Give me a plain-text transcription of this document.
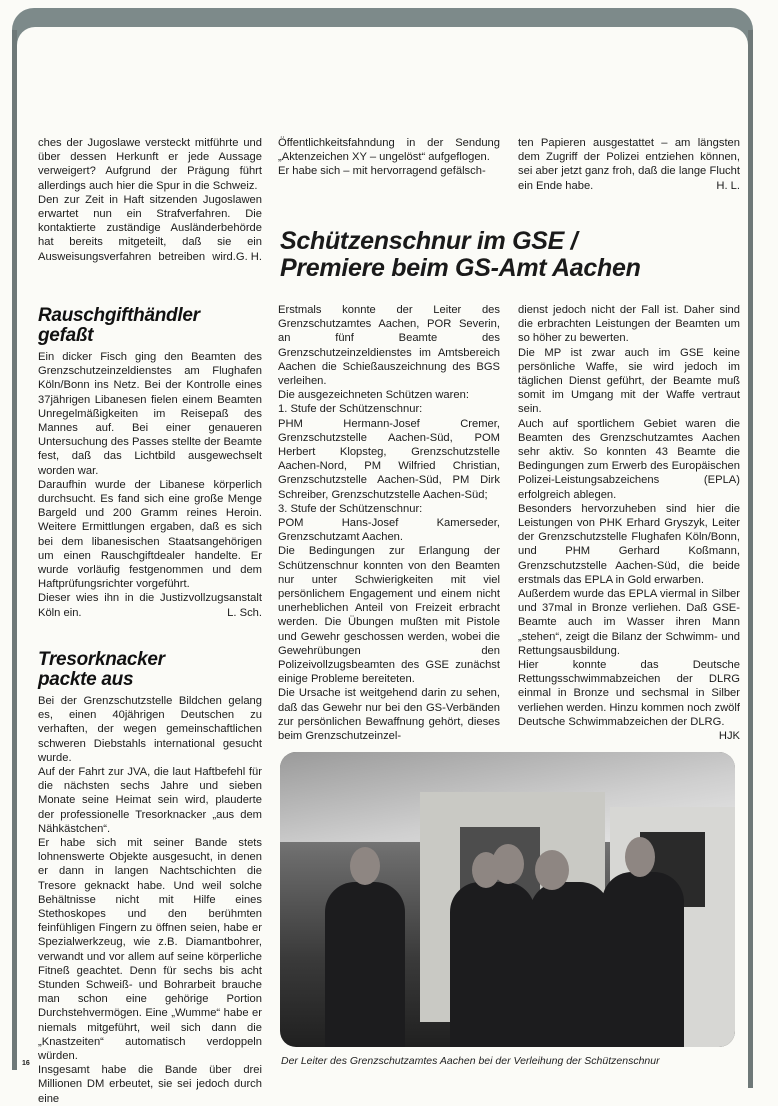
16

ches der Jugoslawe versteckt mitführte und über dessen Herkunft er jede Aussage verweigert? Aufgrund der Prägung führt allerdings auch hier die Spur in die Schweiz.

Den zur Zeit in Haft sitzenden Jugoslawen erwartet nun ein Strafverfahren. Die kontaktierte zuständige Ausländerbehörde hat bereits mitgeteilt, daß sie ein Ausweisungsverfahren betreiben wird. G. H.

Rauschgifthändler
gefaßt

Ein dicker Fisch ging den Beamten des Grenzschutzeinzeldienstes am Flughafen Köln/Bonn ins Netz. Bei der Kontrolle eines 37jährigen Libanesen fielen einem Beamten Unregelmäßigkeiten im Reisepaß des Mannes auf. Bei einer genaueren Untersuchung des Passes stellte der Beamte fest, daß das Lichtbild ausgewechselt worden war.

Daraufhin wurde der Libanese körperlich durchsucht. Es fand sich eine große Menge Bargeld und 200 Gramm reines Heroin. Weitere Ermittlungen ergaben, daß es sich bei dem libanesischen Staatsangehörigen um einen Rauschgiftdealer handelte. Er wurde vorläufig festgenommen und dem Haftprüfungsrichter vorgeführt.

Dieser wies ihn in die Justizvollzugsanstalt Köln ein.	L. Sch.

Tresorknacker
packte aus

Bei der Grenzschutzstelle Bildchen gelang es, einen 40jährigen Deutschen zu verhaften, der wegen gemeinschaftlichen schweren Diebstahls international gesucht wurde.

Auf der Fahrt zur JVA, die laut Haftbefehl für die nächsten sechs Jahre und sieben Monate seine Heimat sein wird, plauderte der professionelle Tresorknacker „aus dem Nähkästchen“.

Er habe sich mit seiner Bande stets lohnenswerte Objekte ausgesucht, in denen er dann in langen Nachtschichten die Tresore geknackt habe. Und weil solche Behältnisse nicht mit Hilfe eines Stethoskopes und den berühmten feinfühligen Fingern zu öffnen seien, habe er Spezialwerkzeug, wie z.B. Diamantbohrer, verwandt und vor allem auf seine körperliche Fitneß geachtet. Denn für sechs bis acht Stunden Schweiß- und Bohrarbeit brauche man schon eine gehörige Portion Durchstehvermögen. Eine „Wumme“ habe er niemals mitgeführt, weil sich dann die „Knastzeiten“ automatisch verdoppeln würden.

Insgesamt habe die Bande über drei Millionen DM erbeutet, sie sei jedoch durch eine

Öffentlichkeitsfahndung in der Sendung „Aktenzeichen XY – ungelöst“ aufgeflogen.

Er habe sich – mit hervorragend gefälsch-

ten Papieren ausgestattet – am längsten dem Zugriff der Polizei entziehen können, sei aber jetzt ganz froh, daß die lange Flucht ein Ende habe.	H. L.

Schützenschnur im GSE /
Premiere beim GS-Amt Aachen

Erstmals konnte der Leiter des Grenzschutzamtes Aachen, POR Severin, an fünf Beamte des Grenzschutzeinzeldienstes im Amtsbereich Aachen die Schießauszeichnung des BGS verleihen.

Die ausgezeichneten Schützen waren:

1. Stufe der Schützenschnur:

PHM Hermann-Josef Cremer, Grenzschutzstelle Aachen-Süd, POM Herbert Klopsteg, Grenzschutzstelle Aachen-Nord, PM Wilfried Christian, Grenzschutzstelle Aachen-Süd, PM Dirk Schreiber, Grenzschutzstelle Aachen-Süd;

3. Stufe der Schützenschnur:

POM Hans-Josef Kamerseder, Grenzschutzamt Aachen.

Die Bedingungen zur Erlangung der Schützenschnur konnten von den Beamten nur unter Schwierigkeiten mit viel persönlichem Engagement und einem nicht unerheblichen Anteil von Freizeit erbracht werden. Die Übungen mußten mit Pistole und Gewehr geschossen werden, wobei die Gewehrübungen den Polizeivollzugsbeamten des GSE zunächst einige Probleme bereiteten.

Die Ursache ist weitgehend darin zu sehen, daß das Gewehr nur bei den GS-Verbänden zur persönlichen Bewaffnung gehört, dieses beim Grenzschutzeinzel-

dienst jedoch nicht der Fall ist. Daher sind die erbrachten Leistungen der Beamten um so höher zu bewerten.

Die MP ist zwar auch im GSE keine persönliche Waffe, sie wird jedoch im täglichen Dienst geführt, der Beamte muß somit im Umgang mit der Waffe vertraut sein.

Auch auf sportlichem Gebiet waren die Beamten des Grenzschutzamtes Aachen sehr aktiv. So konnten 43 Beamte die Bedingungen zum Erwerb des Europäischen Polizei-Leistungsabzeichens (EPLA) erfolgreich ablegen.

Besonders hervorzuheben sind hier die Leistungen von PHK Erhard Gryszyk, Leiter der Grenzschutzstelle Flughafen Köln/Bonn, und PHM Gerhard Koßmann, Grenzschutzstelle Aachen-Süd, die beide erstmals das EPLA in Gold erwarben.

Außerdem wurde das EPLA viermal in Silber und 37mal in Bronze verliehen. Daß GSE-Beamte auch im Wasser ihren Mann „stehen“, zeigt die Bilanz der Schwimm- und Rettungsausbildung.

Hier konnte das Deutsche Rettungsschwimmabzeichen der DLRG einmal in Bronze und sechsmal in Silber verliehen werden. Hinzu kommen noch zwölf Deutsche Schwimmabzeichen der DLRG.

HJK

Der Leiter des Grenzschutzamtes Aachen bei der Verleihung der Schützenschnur
